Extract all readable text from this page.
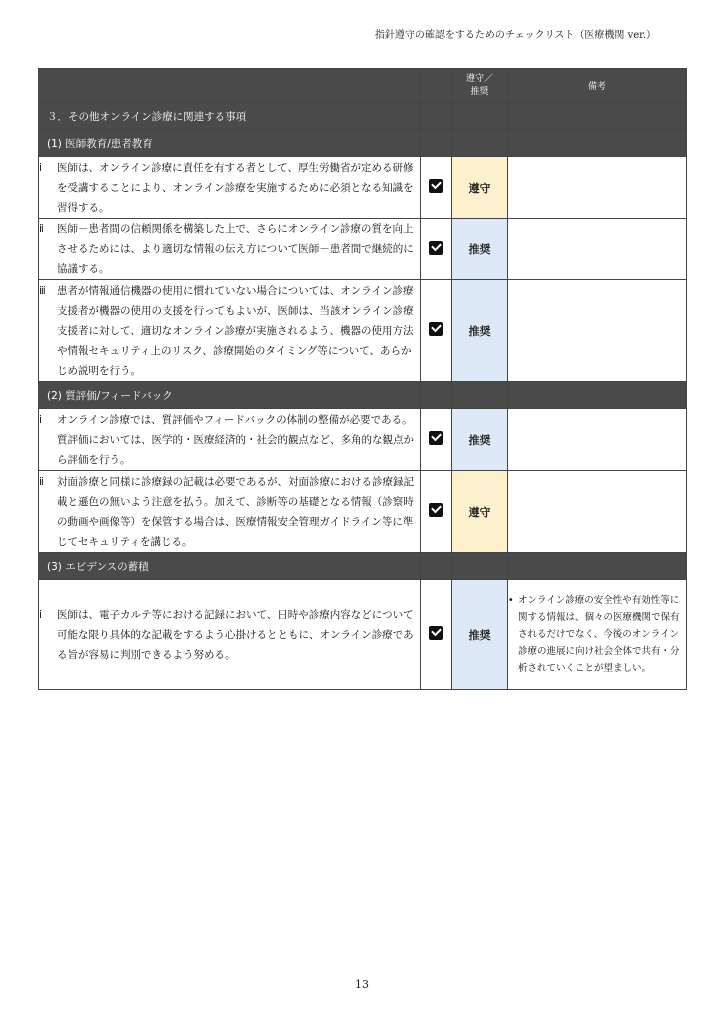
指針遵守の確認をするためのチェックリスト（医療機関 ver.）
		遵守／
推奨	備考
３．その他オンライン診療に関連する事項			
(1) 医師教育/患者教育			

ⅰ 医師は、オンライン診療に責任を有する者として、厚生労働省が定める研修を受講することにより、オンライン診療を実施するために必須となる知識を習得する。		遵守	

ⅱ 医師－患者間の信頼関係を構築した上で、さらにオンライン診療の質を向上させるためには、より適切な情報の伝え方について医師－患者間で継続的に協議する。		推奨	

ⅲ 患者が情報通信機器の使用に慣れていない場合については、オンライン診療支援者が機器の使用の支援を行ってもよいが、医師は、当該オンライン診療支援者に対して、適切なオンライン診療が実施されるよう、機器の使用方法や情報セキュリティ上のリスク、診療開始のタイミング等について、あらかじめ説明を行う。		推奨	
(2) 質評価/フィードバック			

ⅰ オンライン診療では、質評価やフィードバックの体制の整備が必要である。質評価においては、医学的・医療経済的・社会的観点など、多角的な観点から評価を行う。		推奨	

ⅱ 対面診療と同様に診療録の記載は必要であるが、対面診療における診療録記載と遜色の無いよう注意を払う。加えて、診断等の基礎となる情報（診察時の動画や画像等）を保管する場合は、医療情報安全管理ガイドライン等に準じてセキュリティを講じる。		遵守	
(3) エビデンスの蓄積			

ⅰ 医師は、電子カルテ等における記録において、日時や診療内容などについて可能な限り具体的な記載をするよう心掛けるとともに、オンライン診療である旨が容易に判別できるよう努める。		推奨	• オンライン診療の安全性や有効性等に関する情報は、個々の医療機関で保有されるだけでなく、今後のオンライン診療の進展に向け社会全体で共有・分析されていくことが望ましい。
13
